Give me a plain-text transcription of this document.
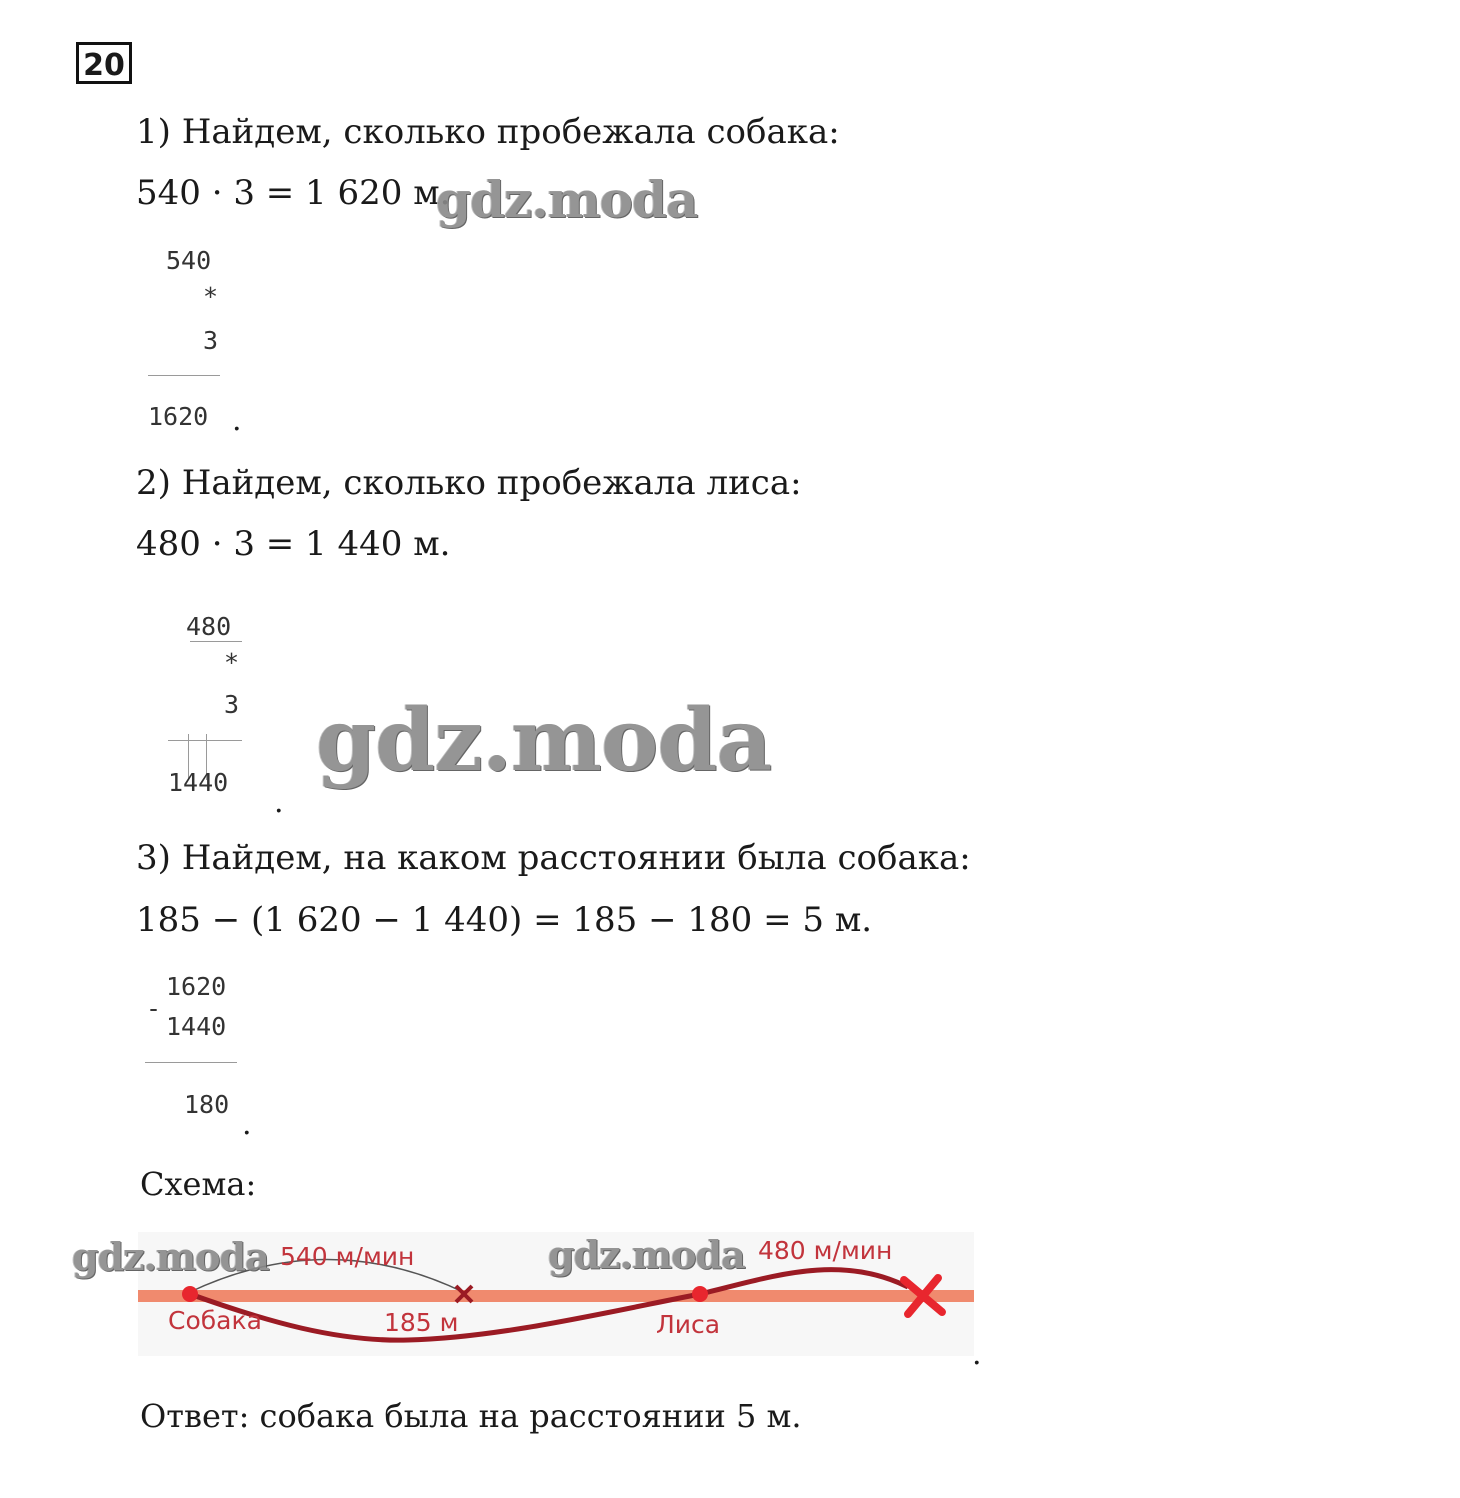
20
1) Найдем, сколько пробежала собака:
540 · 3 = 1 620 м.
gdz.moda
540
*
3
1620 .
2) Найдем, сколько пробежала лиса:
480 · 3 = 1 440 м.
480
*
3
1440
.
gdz.moda
3) Найдем, на каком расстоянии была собака:
185 − (1 620 − 1 440) = 185 − 180 = 5 м.
-
1620
1440
180
.
Схема:
540 м/мин	480 м/мин
Собака	185 м	Лиса
gdz.moda	gdz.moda
.
Ответ: собака была на расстоянии 5 м.
